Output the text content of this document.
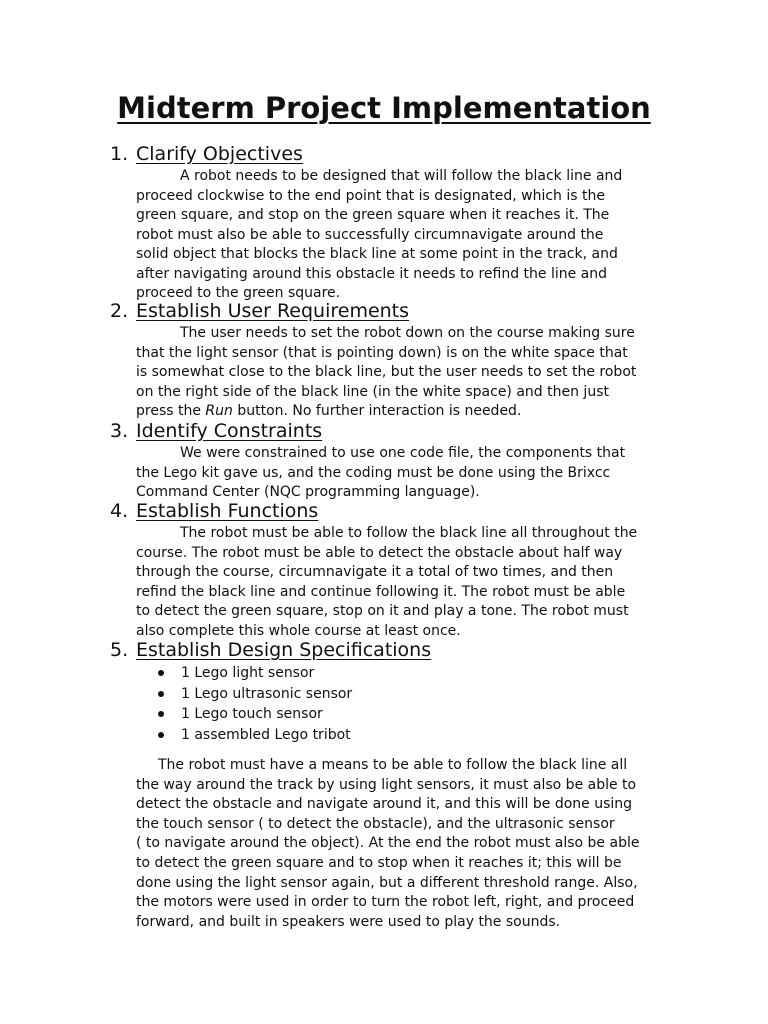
Midterm Project Implementation
1. Clarify Objectives

A robot needs to be designed that will follow the black line and
proceed clockwise to the end point that is designated, which is the
green square, and stop on the green square when it reaches it. The
robot must also be able to successfully circumnavigate around the
solid object that blocks the black line at some point in the track, and
after navigating around this obstacle it needs to refind the line and
proceed to the green square.

2. Establish User Requirements

The user needs to set the robot down on the course making sure
that the light sensor (that is pointing down) is on the white space that
is somewhat close to the black line, but the user needs to set the robot
on the right side of the black line (in the white space) and then just
press the Run button. No further interaction is needed.

3. Identify Constraints

We were constrained to use one code file, the components that
the Lego kit gave us, and the coding must be done using the Brixcc
Command Center (NQC programming language).

4. Establish Functions

The robot must be able to follow the black line all throughout the
course. The robot must be able to detect the obstacle about half way
through the course, circumnavigate it a total of two times, and then
refind the black line and continue following it. The robot must be able
to detect the green square, stop on it and play a tone. The robot must
also complete this whole course at least once.

5. Establish Design Specifications
1 Lego light sensor
1 Lego ultrasonic sensor
1 Lego touch sensor
1 assembled Lego tribot

The robot must have a means to be able to follow the black line all
the way around the track by using light sensors, it must also be able to
detect the obstacle and navigate around it, and this will be done using
the touch sensor ( to detect the obstacle), and the ultrasonic sensor
( to navigate around the object). At the end the robot must also be able
to detect the green square and to stop when it reaches it; this will be
done using the light sensor again, but a different threshold range. Also,
the motors were used in order to turn the robot left, right, and proceed
forward, and built in speakers were used to play the sounds.
